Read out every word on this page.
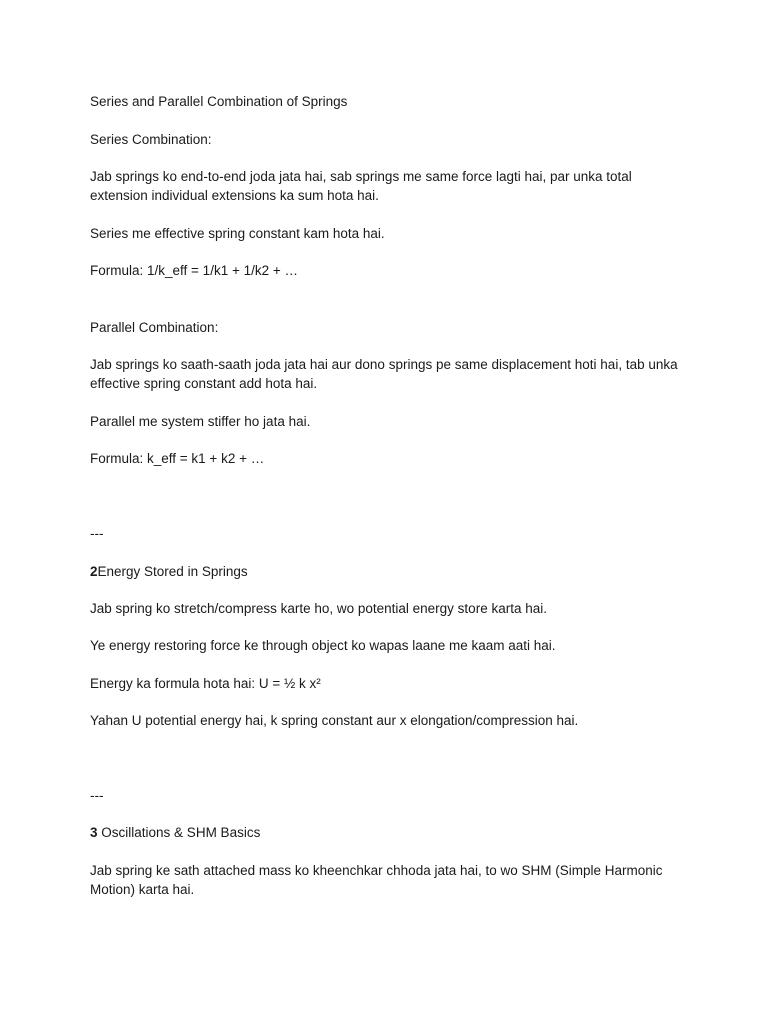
Series and Parallel Combination of Springs
Series Combination:
Jab springs ko end-to-end joda jata hai, sab springs me same force lagti hai, par unka total extension individual extensions ka sum hota hai.
Series me effective spring constant kam hota hai.
Formula: 1/k_eff = 1/k1 + 1/k2 + …
Parallel Combination:
Jab springs ko saath-saath joda jata hai aur dono springs pe same displacement hoti hai, tab unka effective spring constant add hota hai.
Parallel me system stiffer ho jata hai.
Formula: k_eff = k1 + k2 + …
---
2Energy Stored in Springs
Jab spring ko stretch/compress karte ho, wo potential energy store karta hai.
Ye energy restoring force ke through object ko wapas laane me kaam aati hai.
Energy ka formula hota hai: U = ½ k x²
Yahan U potential energy hai, k spring constant aur x elongation/compression hai.
---
3 Oscillations & SHM Basics
Jab spring ke sath attached mass ko kheenchkar chhoda jata hai, to wo SHM (Simple Harmonic Motion) karta hai.
